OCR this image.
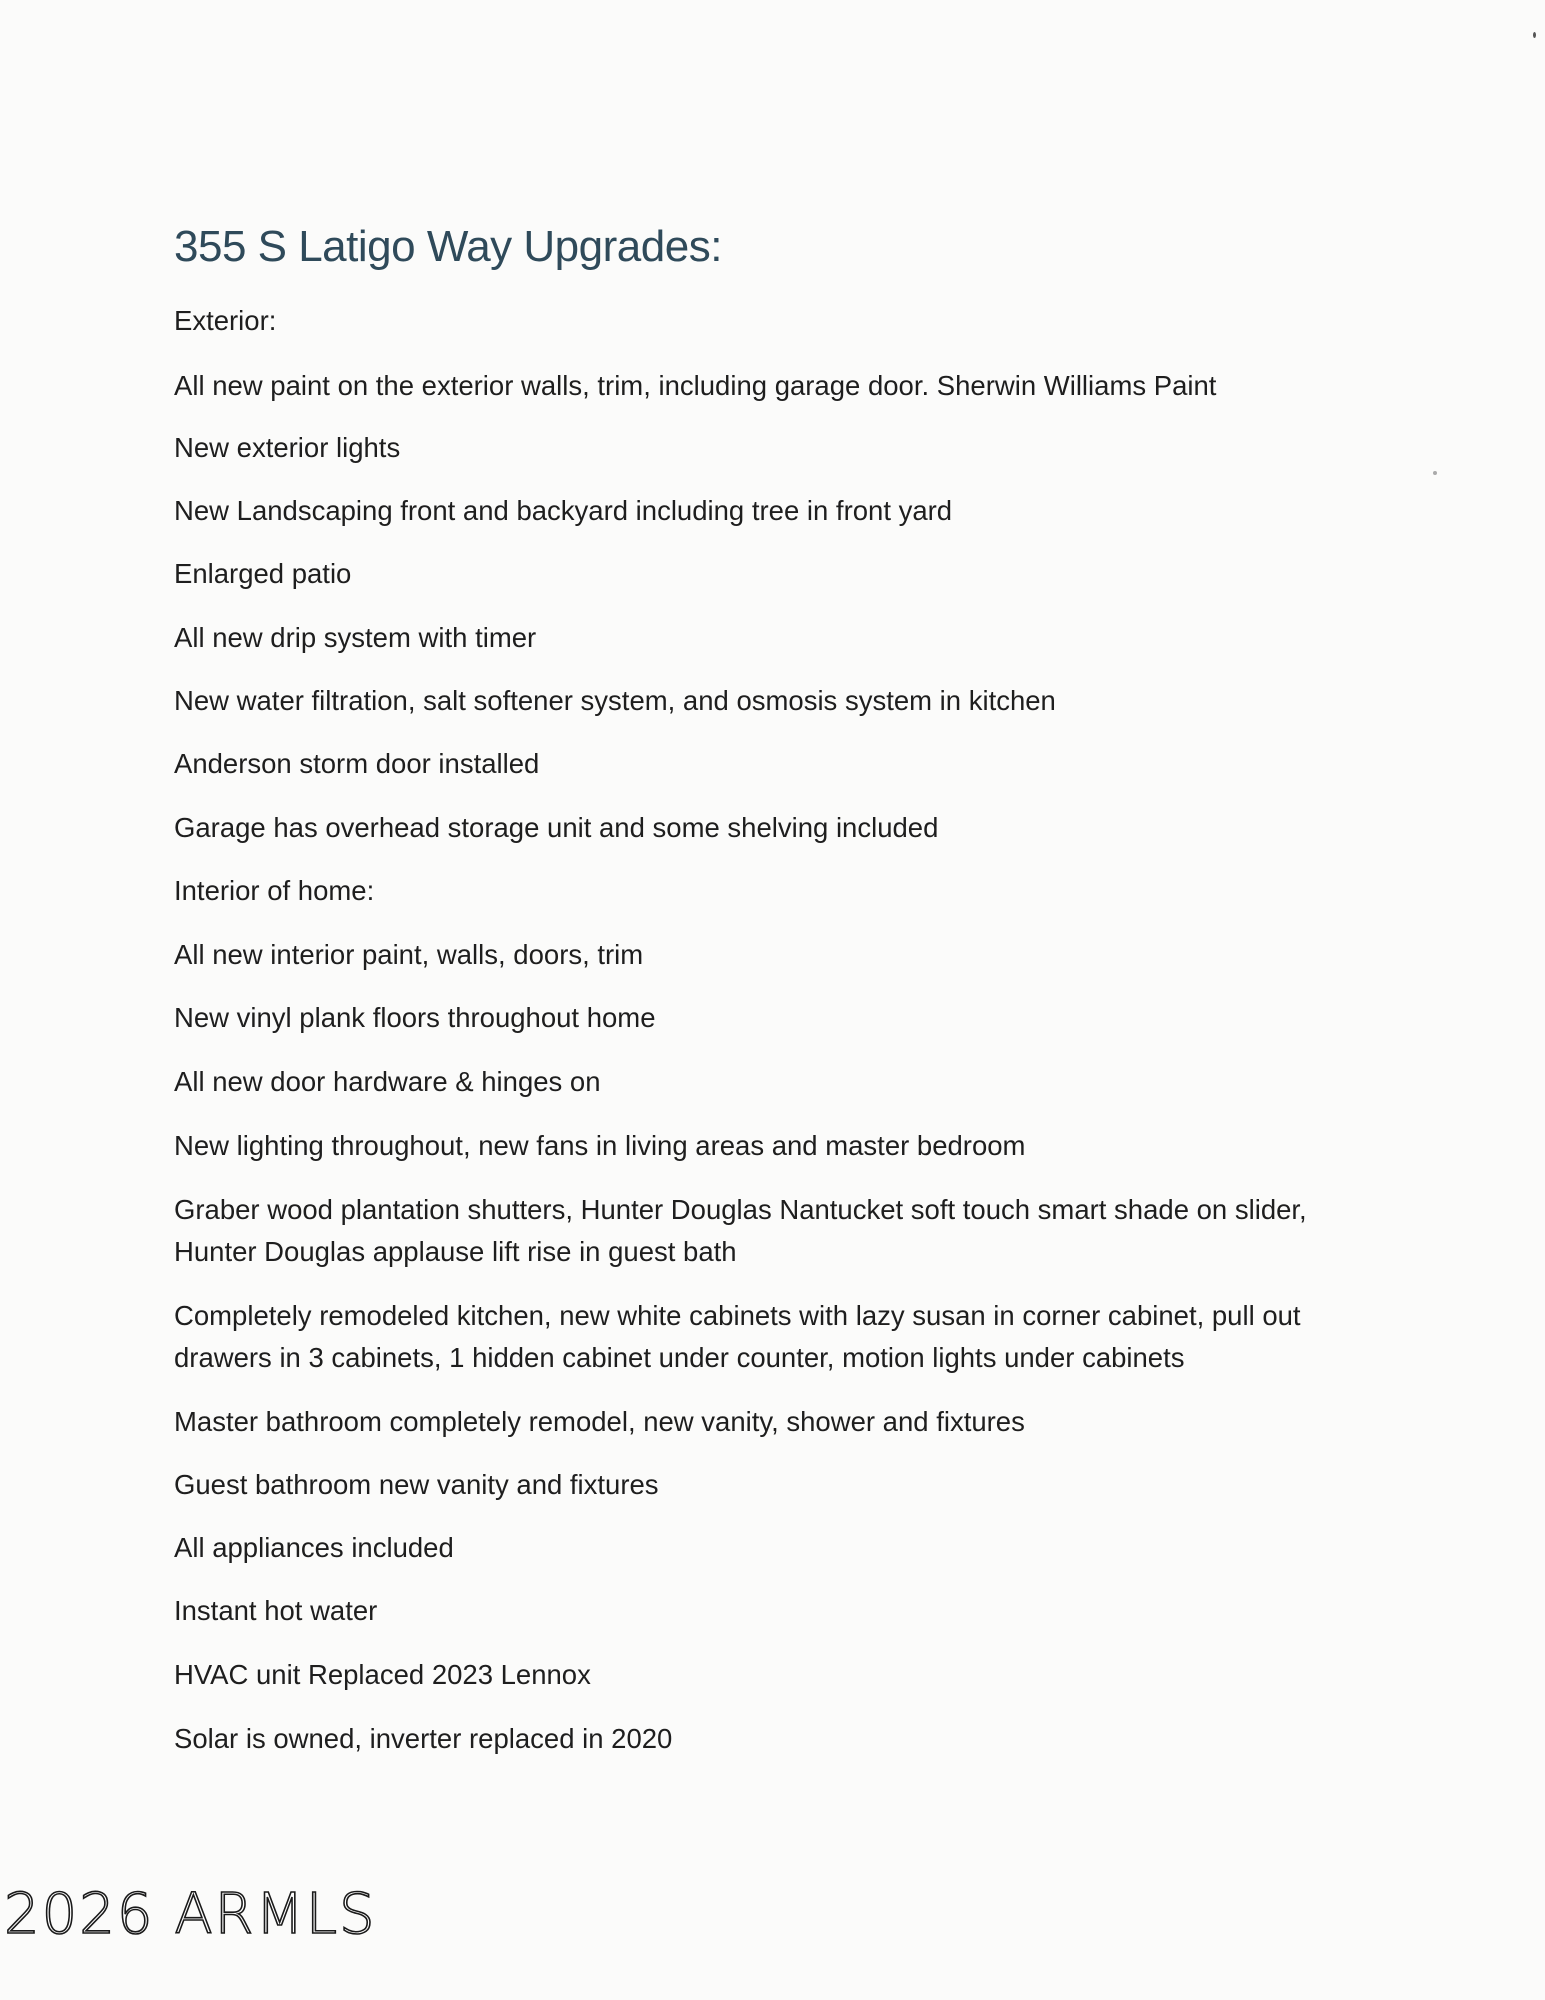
355 S Latigo Way Upgrades:
Exterior:
All new paint on the exterior walls, trim, including garage door. Sherwin Williams Paint
New exterior lights
New Landscaping front and backyard including tree in front yard
Enlarged patio
All new drip system with timer
New water filtration, salt softener system, and osmosis system in kitchen
Anderson storm door installed
Garage has overhead storage unit and some shelving included
Interior of home:
All new interior paint, walls, doors, trim
New vinyl plank floors throughout home
All new door hardware & hinges on
New lighting throughout, new fans in living areas and master bedroom
Graber wood plantation shutters, Hunter Douglas Nantucket soft touch smart shade on slider, Hunter Douglas applause lift rise in guest bath
Completely remodeled kitchen, new white cabinets with lazy susan in corner cabinet, pull out drawers in 3 cabinets, 1 hidden cabinet under counter, motion lights under cabinets
Master bathroom completely remodel, new vanity, shower and fixtures
Guest bathroom new vanity and fixtures
All appliances included
Instant hot water
HVAC unit Replaced 2023 Lennox
Solar is owned, inverter replaced in 2020
2026 ARMLS
